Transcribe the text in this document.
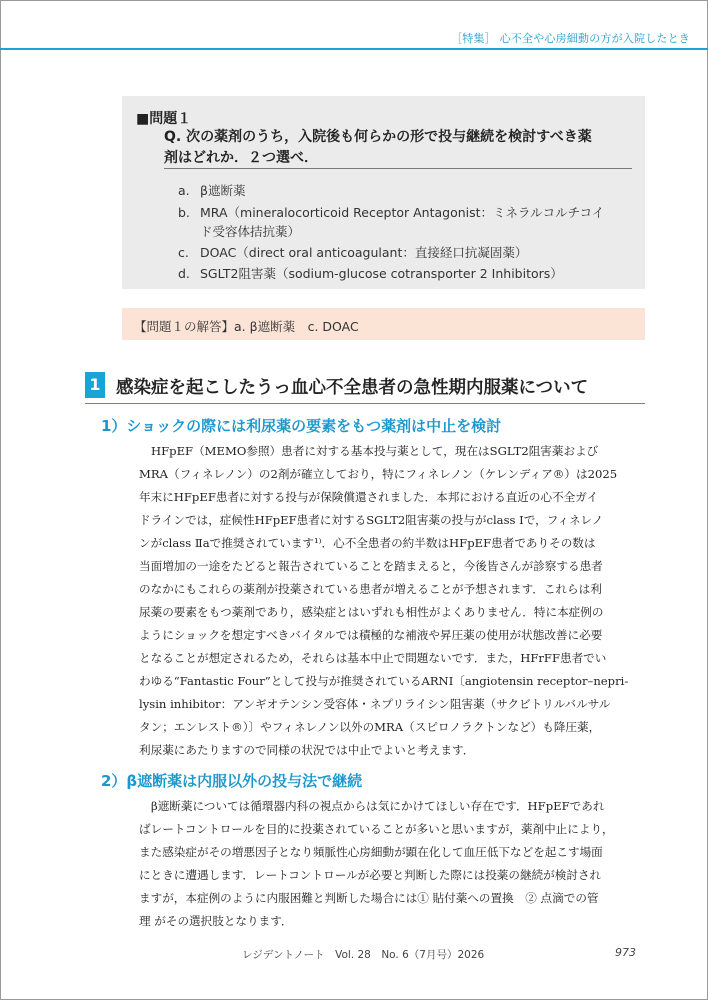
［特集］ 心不全や心房細動の方が入院したとき
■問題１
Q. 次の薬剤のうち，入院後も何らかの形で投与継続を検討すべき薬
剤はどれか．２つ選べ．
a. β遮断薬
b. MRA（mineralocorticoid Receptor Antagonist：ミネラルコルチコイ
ド受容体拮抗薬）
c. DOAC（direct oral anticoagulant：直接経口抗凝固薬）
d. SGLT2阻害薬（sodium-glucose cotransporter 2 Inhibitors）
【問題１の解答】a. β遮断薬　c. DOAC
1 感染症を起こしたうっ血心不全患者の急性期内服薬について
1）ショックの際には利尿薬の要素をもつ薬剤は中止を検討
HFpEF（MEMO参照）患者に対する基本投与薬として，現在はSGLT2阻害薬および
MRA（フィネレノン）の2剤が確立しており，特にフィネレノン（ケレンディア®）は2025
年末にHFpEF患者に対する投与が保険償還されました．本邦における直近の心不全ガイ
ドラインでは，症候性HFpEF患者に対するSGLT2阻害薬の投与がclass Ⅰで，フィネレノ
ンがclass Ⅱaで推奨されています¹⁾．心不全患者の約半数はHFpEF患者でありその数は
当面増加の一途をたどると報告されていることを踏まえると，今後皆さんが診察する患者
のなかにもこれらの薬剤が投薬されている患者が増えることが予想されます．これらは利
尿薬の要素をもつ薬剤であり，感染症とはいずれも相性がよくありません．特に本症例の
ようにショックを想定すべきバイタルでは積極的な補液や昇圧薬の使用が状態改善に必要
となることが想定されるため，それらは基本中止で問題ないです．また，HFrFF患者でい
わゆる“Fantastic Four”として投与が推奨されているARNI〔angiotensin receptor–nepri-
lysin inhibitor：アンギオテンシン受容体・ネプリライシン阻害薬（サクビトリルバルサル
タン；エンレスト®）〕やフィネレノン以外のMRA（スピロノラクトンなど）も降圧薬，
利尿薬にあたりますので同様の状況では中止でよいと考えます．
2）β遮断薬は内服以外の投与法で継続
β遮断薬については循環器内科の視点からは気にかけてほしい存在です．HFpEFであれ
ばレートコントロールを目的に投薬されていることが多いと思いますが，薬剤中止により，
また感染症がその増悪因子となり頻脈性心房細動が顕在化して血圧低下などを起こす場面
にときに遭遇します．レートコントロールが必要と判断した際には投薬の継続が検討され
ますが，本症例のように内服困難と判断した場合には① 貼付薬への置換　② 点滴での管
理 がその選択肢となります．
レジデントノート　Vol. 28　No. 6（7月号）2026	973
